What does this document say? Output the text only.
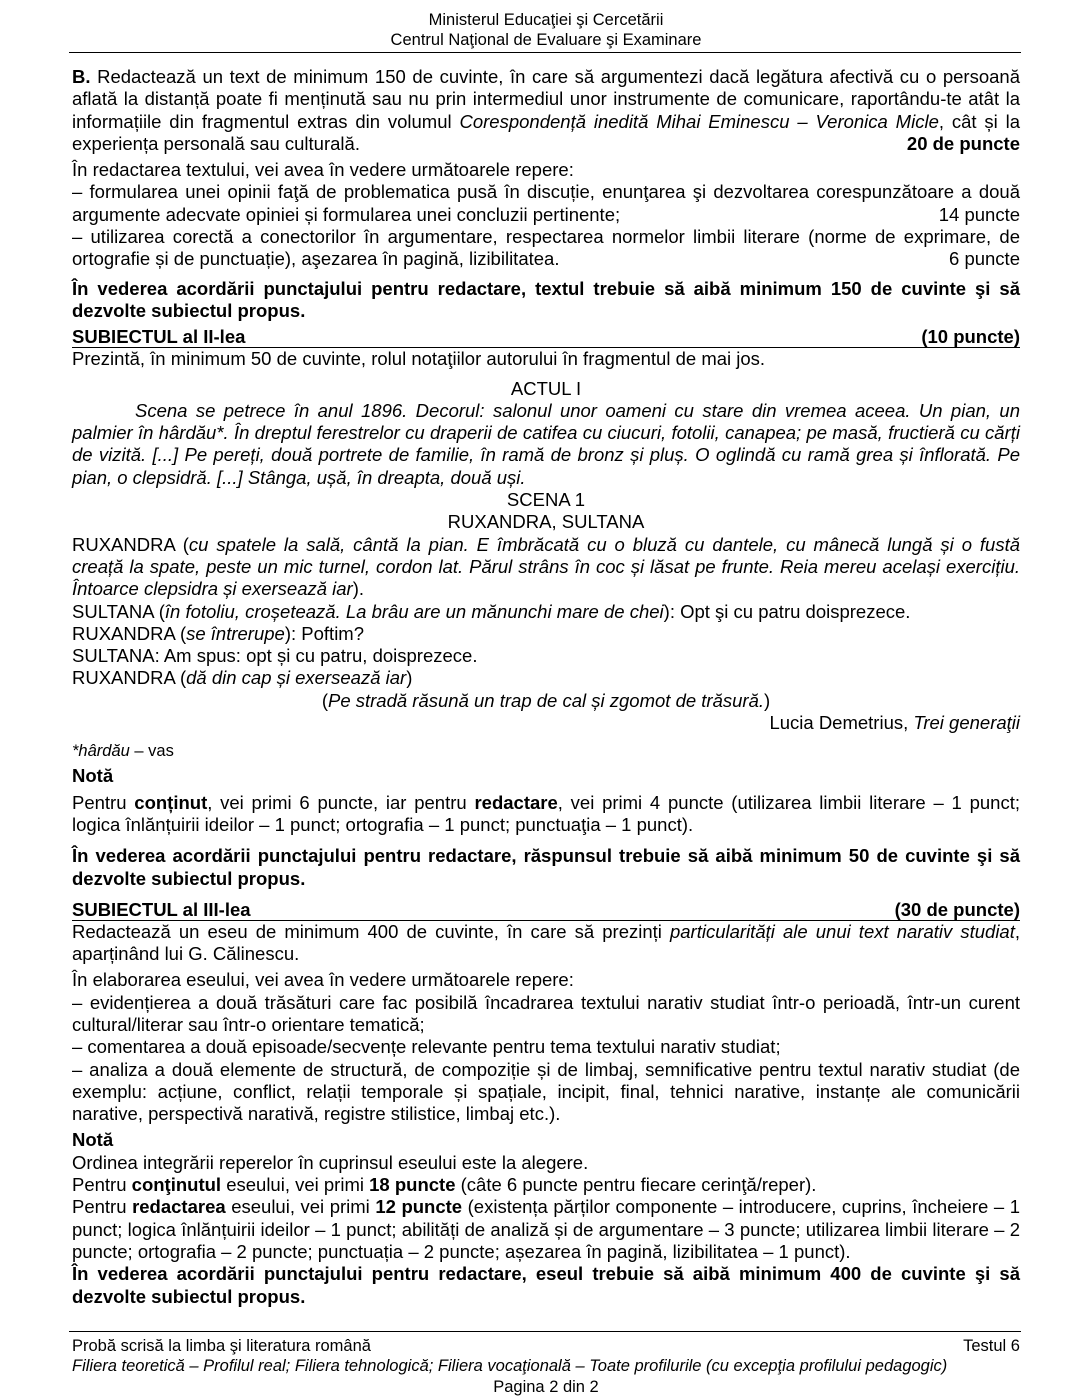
Ministerul Educaţiei şi Cercetării
Centrul Naţional de Evaluare şi Examinare

B. Redactează un text de minimum 150 de cuvinte, în care să argumentezi dacă legătura afectivă cu o persoană aflată la distanță poate fi menținută sau nu prin intermediul unor instrumente de comunicare, raportându-te atât la informațiile din fragmentul extras din volumul Corespondență inedită Mihai Eminescu – Veronica Micle, cât și la experiența personală sau culturală.	20 de puncte

În redactarea textului, vei avea în vedere următoarele repere:

– formularea unei opinii faţă de problematica pusă în discuție, enunţarea şi dezvoltarea corespunzătoare a două argumente adecvate opiniei și formularea unei concluzii pertinente;	14 puncte

– utilizarea corectă a conectorilor în argumentare, respectarea normelor limbii literare (norme de exprimare, de ortografie și de punctuație), aşezarea în pagină, lizibilitatea.	6 puncte

În vederea acordării punctajului pentru redactare, textul trebuie să aibă minimum 150 de cuvinte şi să dezvolte subiectul propus.

SUBIECTUL al II-lea	(10 puncte)

Prezintă, în minimum 50 de cuvinte, rolul notaţiilor autorului în fragmentul de mai jos.

ACTUL I

Scena se petrece în anul 1896. Decorul: salonul unor oameni cu stare din vremea aceea. Un pian, un palmier în hârdău*. În dreptul ferestrelor cu draperii de catifea cu ciucuri, fotolii, canapea; pe masă, fructieră cu cărți de vizită. [...] Pe pereți, două portrete de familie, în ramă de bronz și pluș. O oglindă cu ramă grea și înflorată. Pe pian, o clepsidră. [...] Stânga, ușă, în dreapta, două uși.

SCENA 1

RUXANDRA, SULTANA

RUXANDRA (cu spatele la sală, cântă la pian. E îmbrăcată cu o bluză cu dantele, cu mânecă lungă și o fustă creață la spate, peste un mic turnel, cordon lat. Părul strâns în coc și lăsat pe frunte. Reia mereu același exercițiu. Întoarce clepsidra și exersează iar).

SULTANA (în fotoliu, croșetează. La brâu are un mănunchi mare de chei): Opt şi cu patru doisprezece.

RUXANDRA (se întrerupe): Poftim?

SULTANA: Am spus: opt și cu patru, doisprezece.

RUXANDRA (dă din cap și exersează iar)

(Pe stradă răsună un trap de cal și zgomot de trăsură.)

Lucia Demetrius, Trei generaţii

*hârdău – vas

Notă

Pentru conținut, vei primi 6 puncte, iar pentru redactare, vei primi 4 puncte (utilizarea limbii literare – 1 punct; logica înlănțuirii ideilor – 1 punct; ortografia – 1 punct; punctuaţia – 1 punct).

În vederea acordării punctajului pentru redactare, răspunsul trebuie să aibă minimum 50 de cuvinte şi să dezvolte subiectul propus.

SUBIECTUL al III-lea	(30 de puncte)

Redactează un eseu de minimum 400 de cuvinte, în care să prezinți particularități ale unui text narativ studiat, aparținând lui G. Călinescu.

În elaborarea eseului, vei avea în vedere următoarele repere:

– evidențierea a două trăsături care fac posibilă încadrarea textului narativ studiat într-o perioadă, într-un curent cultural/literar sau într-o orientare tematică;

– comentarea a două episoade/secvențe relevante pentru tema textului narativ studiat;

– analiza a două elemente de structură, de compoziție și de limbaj, semnificative pentru textul narativ studiat (de exemplu: acțiune, conflict, relații temporale și spațiale, incipit, final, tehnici narative, instanțe ale comunicării narative, perspectivă narativă, registre stilistice, limbaj etc.).

Notă

Ordinea integrării reperelor în cuprinsul eseului este la alegere.

Pentru conţinutul eseului, vei primi 18 puncte (câte 6 puncte pentru fiecare cerinţă/reper).

Pentru redactarea eseului, vei primi 12 puncte (existența părților componente – introducere, cuprins, încheiere – 1 punct; logica înlănțuirii ideilor – 1 punct; abilități de analiză și de argumentare – 3 puncte; utilizarea limbii literare – 2 puncte; ortografia – 2 puncte; punctuația – 2 puncte; așezarea în pagină, lizibilitatea – 1 punct).

În vederea acordării punctajului pentru redactare, eseul trebuie să aibă minimum 400 de cuvinte şi să dezvolte subiectul propus.

Probă scrisă la limba şi literatura română	Testul 6
Filiera teoretică – Profilul real; Filiera tehnologică; Filiera vocaţională – Toate profilurile (cu excepţia profilului pedagogic)
Pagina 2 din 2
